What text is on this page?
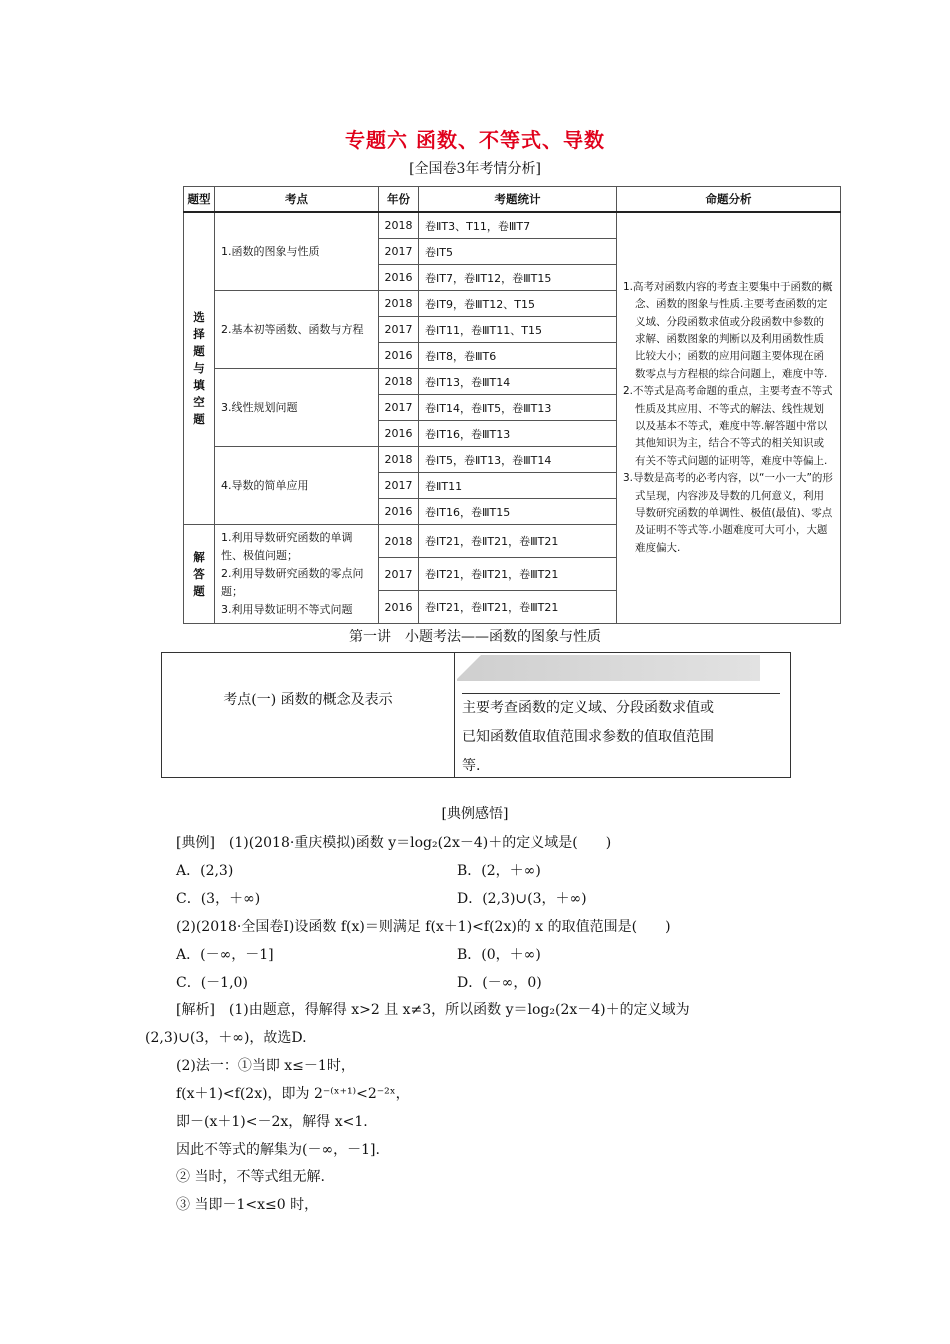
专题六 函数、不等式、导数
[全国卷3年考情分析]
题型	考点	年份	考题统计	命题分析

选择题与填空题	1.函数的图象与性质	2018	卷ⅡT3、T11，卷ⅢT7	1.高考对函数内容的考查主要集中于函数的概念、函数的图象与性质.主要考查函数的定义域、分段函数求值或分段函数中参数的求解、函数图象的判断以及利用函数性质比较大小；函数的应用问题主要体现在函数零点与方程根的综合问题上，难度中等.
2.不等式是高考命题的重点，主要考查不等式性质及其应用、不等式的解法、线性规划以及基本不等式，难度中等.解答题中常以其他知识为主，结合不等式的相关知识或有关不等式问题的证明等，难度中等偏上.
3.导数是高考的必考内容，以“一小一大”的形式呈现，内容涉及导数的几何意义，利用导数研究函数的单调性、极值(最值)、零点及证明不等式等.小题难度可大可小，大题难度偏大.

		2017	卷ⅠT5	
		2016	卷ⅠT7，卷ⅡT12，卷ⅢT15	
	2.基本初等函数、函数与方程	2018	卷ⅠT9，卷ⅢT12、T15	
		2017	卷ⅠT11，卷ⅢT11、T15	
		2016	卷ⅠT8，卷ⅢT6	
	3.线性规划问题	2018	卷ⅠT13，卷ⅢT14	
		2017	卷ⅠT14，卷ⅡT5，卷ⅢT13	
		2016	卷ⅠT16，卷ⅢT13	
	4.导数的简单应用	2018	卷ⅠT5，卷ⅡT13，卷ⅢT14	
		2017	卷ⅡT11	
		2016	卷ⅠT16，卷ⅢT15	

解答题	1.利用导数研究函数的单调性、极值问题；
2.利用导数研究函数的零点问题；
3.利用导数证明不等式问题	2018	卷ⅠT21，卷ⅡT21，卷ⅢT21	
		2017	卷ⅠT21，卷ⅡT21，卷ⅢT21	
		2016	卷ⅠT21，卷ⅡT21，卷ⅢT21	
第一讲　小题考法——函数的图象与性质
考点(一) 函数的概念及表示	主要考查函数的定义域、分段函数求值或
已知函数值取值范围求参数的值取值范围
等.
[典例感悟]
[典例]　(1)(2018·重庆模拟)函数 y＝log₂(2x－4)＋的定义域是(　　)
A．(2,3)	B．(2，＋∞)
C．(3，＋∞)	D．(2,3)∪(3，＋∞)
(2)(2018·全国卷Ⅰ)设函数 f(x)＝则满足 f(x＋1)<f(2x)的 x 的取值范围是(　　)
A．(－∞，－1]	B．(0，＋∞)
C．(－1,0)	D．(－∞，0)
[解析]　(1)由题意，得解得 x>2 且 x≠3，所以函数 y＝log₂(2x－4)＋的定义域为
(2,3)∪(3，＋∞)，故选D.
(2)法一：①当即 x≤－1时，
f(x＋1)<f(2x)，即为 2⁻⁽ˣ⁺¹⁾<2⁻²ˣ，
即－(x＋1)<－2x，解得 x<1.
因此不等式的解集为(－∞，－1].
② 当时，不等式组无解.
③ 当即－1<x≤0 时，
